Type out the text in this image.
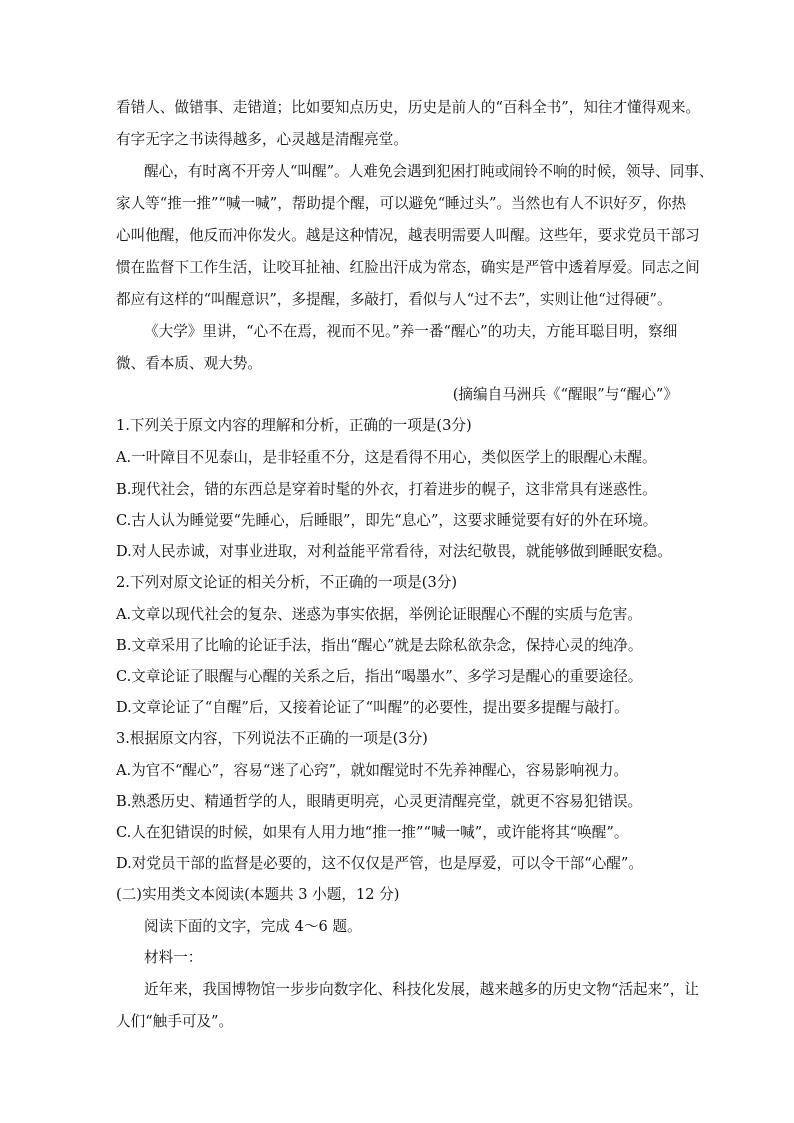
看错人、做错事、走错道；比如要知点历史，历史是前人的“百科全书”，知往才懂得观来。
有字无字之书读得越多，心灵越是清醒亮堂。
醒心，有时离不开旁人“叫醒”。人难免会遇到犯困打盹或闹铃不响的时候，领导、同事、
家人等“推一推”“喊一喊”，帮助提个醒，可以避免“睡过头”。当然也有人不识好歹，你热
心叫他醒，他反而冲你发火。越是这种情况，越表明需要人叫醒。这些年，要求党员干部习
惯在监督下工作生活，让咬耳扯袖、红脸出汗成为常态，确实是严管中透着厚爱。同志之间
都应有这样的“叫醒意识”，多提醒，多敲打，看似与人“过不去”，实则让他“过得硬”。
《大学》里讲，“心不在焉，视而不见。”养一番“醒心”的功夫，方能耳聪目明，察细
微、看本质、观大势。
(摘编自马洲兵《“醒眼”与“醒心”》
1.下列关于原文内容的理解和分析，正确的一项是(3分)
A.一叶障目不见泰山，是非轻重不分，这是看得不用心，类似医学上的眼醒心未醒。
B.现代社会，错的东西总是穿着时髦的外衣，打着进步的幌子，这非常具有迷惑性。
C.古人认为睡觉要“先睡心，后睡眼”，即先“息心”，这要求睡觉要有好的外在环境。
D.对人民赤诚，对事业进取，对利益能平常看待，对法纪敬畏，就能够做到睡眠安稳。
2.下列对原文论证的相关分析，不正确的一项是(3分)
A.文章以现代社会的复杂、迷惑为事实依据，举例论证眼醒心不醒的实质与危害。
B.文章采用了比喻的论证手法，指出“醒心”就是去除私欲杂念，保持心灵的纯净。
C.文章论证了眼醒与心醒的关系之后，指出“喝墨水”、多学习是醒心的重要途径。
D.文章论证了“自醒”后，又接着论证了“叫醒”的必要性，提出要多提醒与敲打。
3.根据原文内容，下列说法不正确的一项是(3分)
A.为官不“醒心”，容易“迷了心窍”，就如醒觉时不先养神醒心，容易影响视力。
B.熟悉历史、精通哲学的人，眼睛更明亮，心灵更清醒亮堂，就更不容易犯错误。
C.人在犯错误的时候，如果有人用力地“推一推”“喊一喊”，或许能将其“唤醒”。
D.对党员干部的监督是必要的，这不仅仅是严管，也是厚爱，可以令干部“心醒”。
(二)实用类文本阅读(本题共 3 小题，12 分)
阅读下面的文字，完成 4～6 题。
材料一：
近年来，我国博物馆一步步向数字化、科技化发展，越来越多的历史文物“活起来”，让
人们“触手可及”。
